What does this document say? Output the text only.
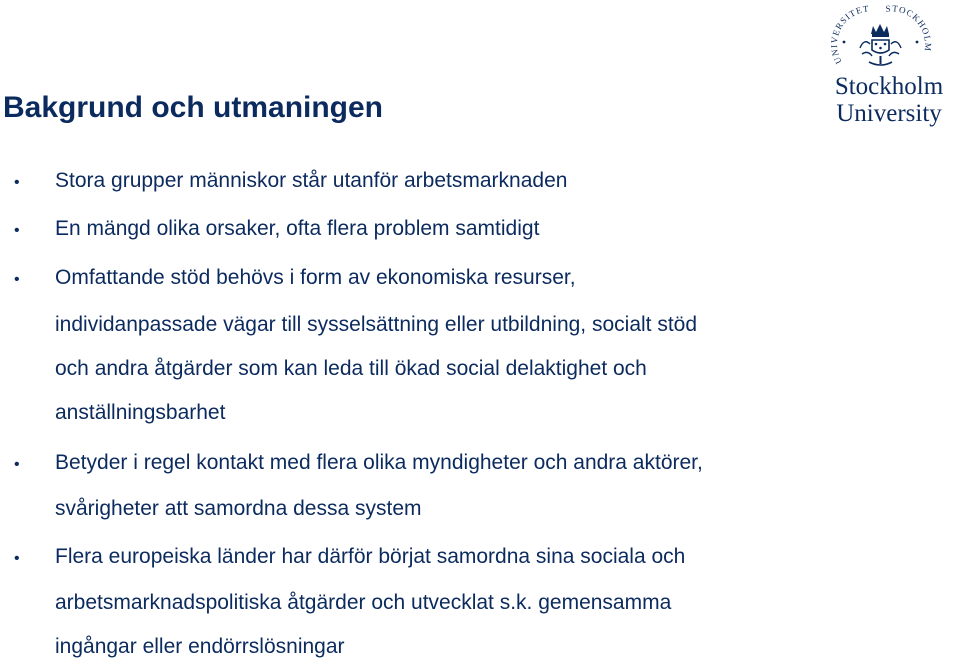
Bakgrund och utmaningen
UNIVERSITET STOCKHOLM
Stockholm
University
• Stora grupper människor står utanför arbetsmarknaden

• En mängd olika orsaker, ofta flera problem samtidigt

• Omfattande stöd behövs i form av ekonomiska resurser,

individanpassade vägar till sysselsättning eller utbildning, socialt stöd

och andra åtgärder som kan leda till ökad social delaktighet och

anställningsbarhet

• Betyder i regel kontakt med flera olika myndigheter och andra aktörer,

svårigheter att samordna dessa system

• Flera europeiska länder har därför börjat samordna sina sociala och

arbetsmarknadspolitiska åtgärder och utvecklat s.k. gemensamma

ingångar eller endörrslösningar
